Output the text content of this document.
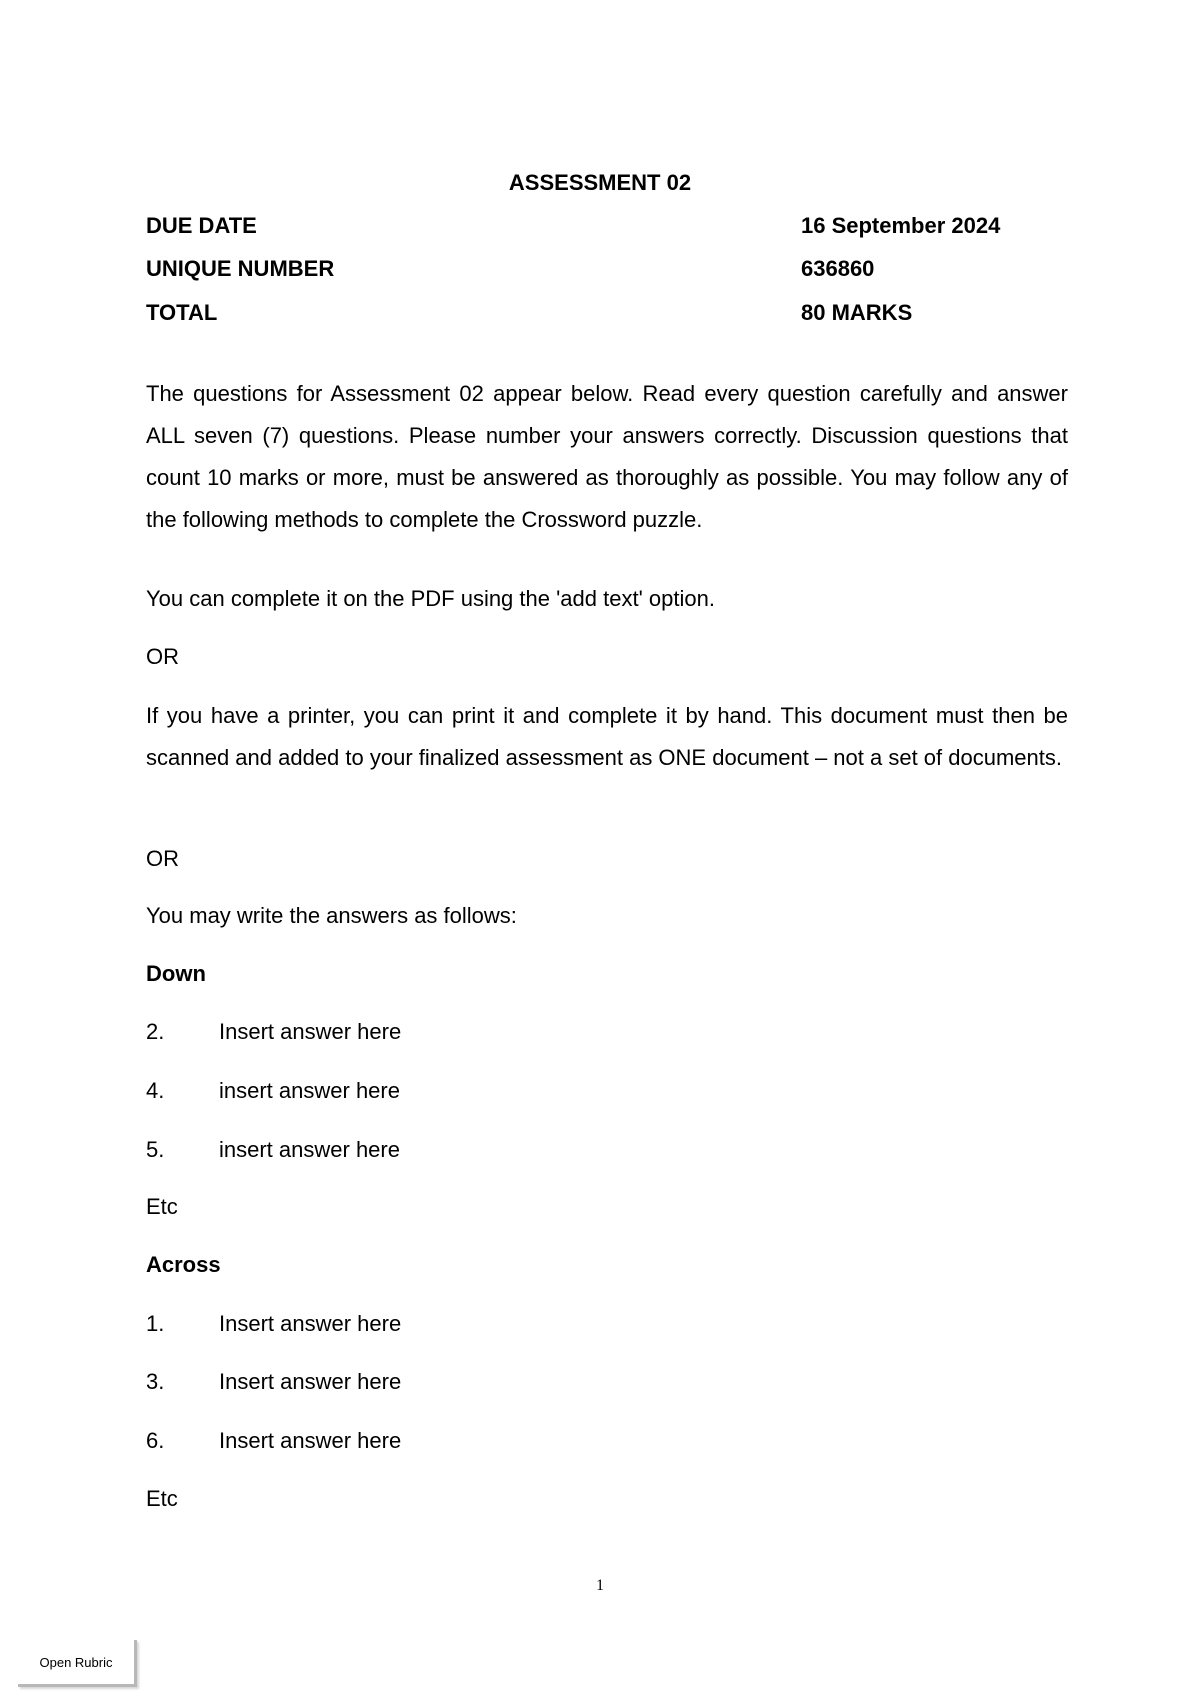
ASSESSMENT 02
DUE DATE	16 September 2024
UNIQUE NUMBER	636860
TOTAL	80 MARKS
The questions for Assessment 02 appear below. Read every question carefully and answer ALL seven (7) questions. Please number your answers correctly. Discussion questions that count 10 marks or more, must be answered as thoroughly as possible. You may follow any of the following methods to complete the Crossword puzzle.
You can complete it on the PDF using the 'add text' option.
OR
If you have a printer, you can print it and complete it by hand. This document must then be scanned and added to your finalized assessment as ONE document – not a set of documents.
OR
You may write the answers as follows:
Down
2. Insert answer here
4. insert answer here
5. insert answer here
Etc
Across
1. Insert answer here
3. Insert answer here
6. Insert answer here
Etc
1
Open Rubric
